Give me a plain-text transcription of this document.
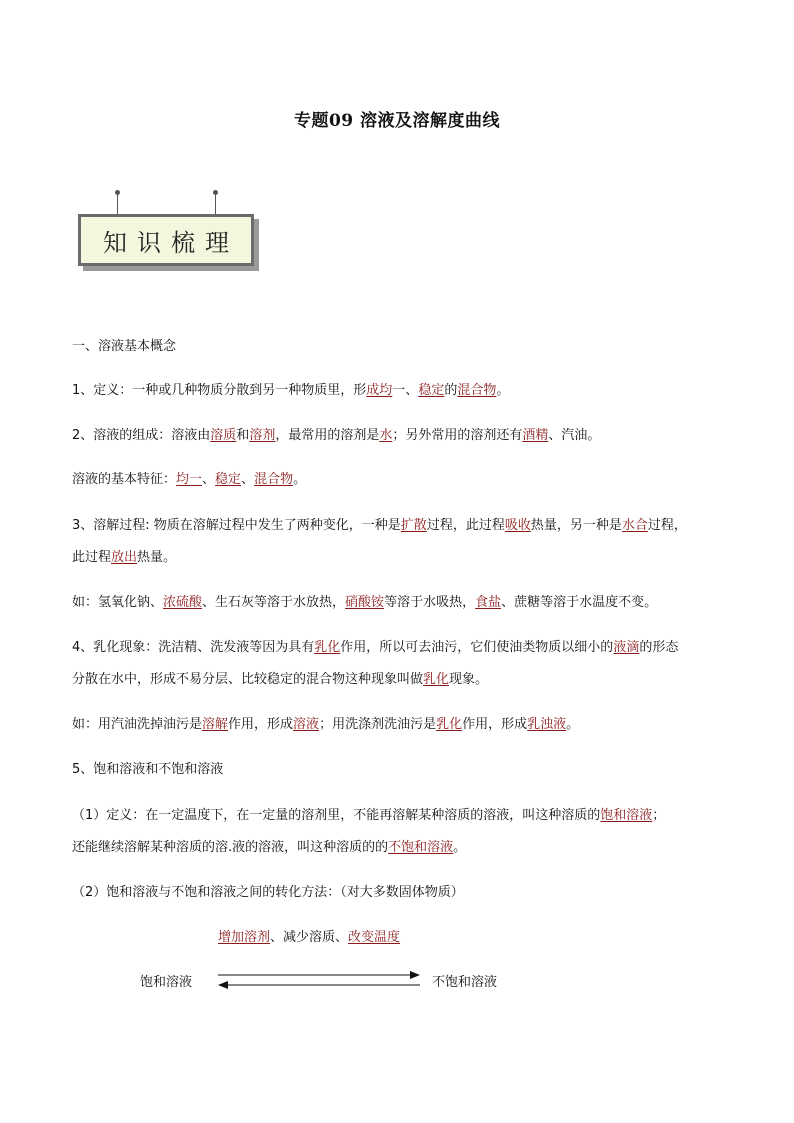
专题09 溶液及溶解度曲线
知识梳理
一、溶液基本概念
1、定义：一种或几种物质分散到另一种物质里，形成均一、稳定的混合物。
2、溶液的组成：溶液由溶质和溶剂，最常用的溶剂是水；另外常用的溶剂还有酒精、汽油。
溶液的基本特征：均一、稳定、混合物。
3、溶解过程: 物质在溶解过程中发生了两种变化，一种是扩散过程，此过程吸收热量，另一种是水合过程，
此过程放出热量。
如：氢氧化钠、浓硫酸、生石灰等溶于水放热，硝酸铵等溶于水吸热，食盐、蔗糖等溶于水温度不变。
4、乳化现象：洗洁精、洗发液等因为具有乳化作用，所以可去油污，它们使油类物质以细小的液滴的形态
分散在水中，形成不易分层、比较稳定的混合物这种现象叫做乳化现象。
如：用汽油洗掉油污是溶解作用，形成溶液；用洗涤剂洗油污是乳化作用，形成乳浊液。
5、饱和溶液和不饱和溶液
（1）定义：在一定温度下，在一定量的溶剂里，不能再溶解某种溶质的溶液，叫这种溶质的饱和溶液；
还能继续溶解某种溶质的溶.液的溶液，叫这种溶质的的不饱和溶液。
（2）饱和溶液与不饱和溶液之间的转化方法：（对大多数固体物质）
增加溶剂、减少溶质、改变温度
饱和溶液	不饱和溶液
